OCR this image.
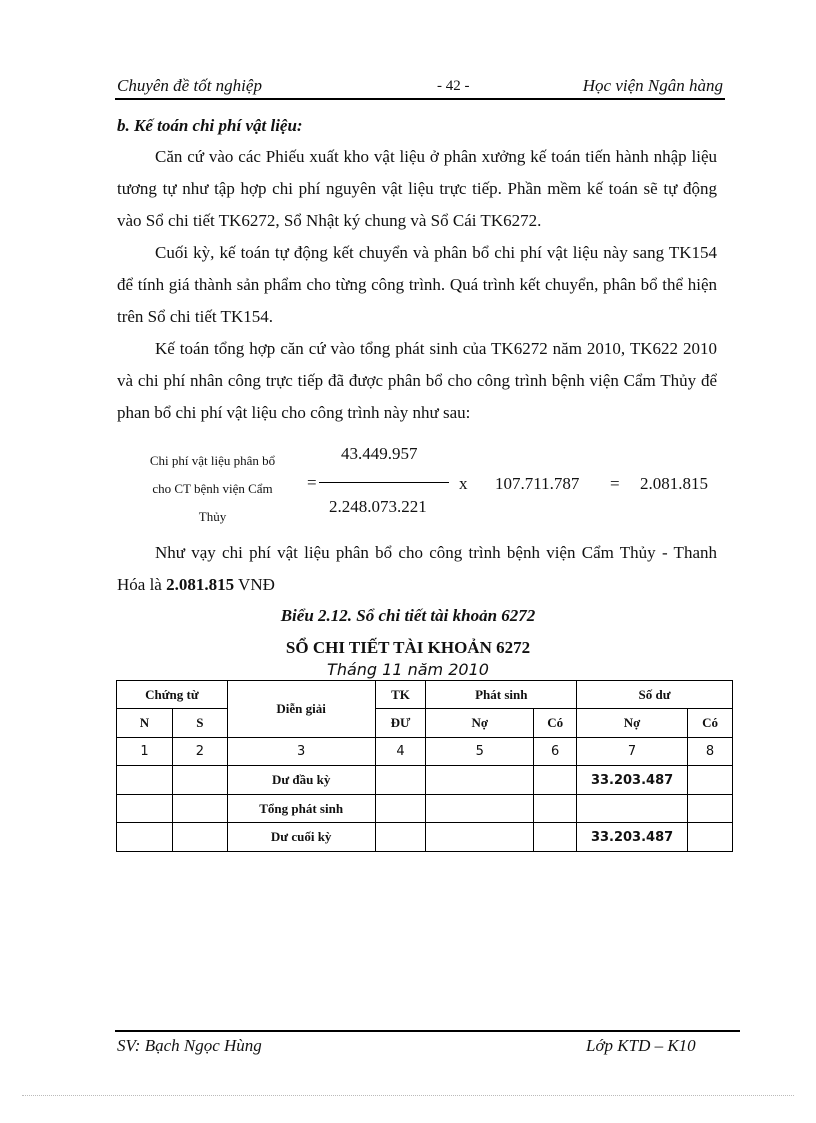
Chuyên đề tốt nghiệp	- 42 -	Học viện Ngân hàng
b. Kế toán chi phí vật liệu:
Căn cứ vào các Phiếu xuất kho vật liệu ở phân xưởng kế toán tiến hành nhập liệu tương tự như tập hợp chi phí nguyên vật liệu trực tiếp. Phần mềm kế toán sẽ tự động vào Sổ chi tiết TK6272, Sổ Nhật ký chung và Sổ Cái TK6272.
Cuối kỳ, kế toán tự động kết chuyển và phân bổ chi phí vật liệu này sang TK154 để tính giá thành sản phẩm cho từng công trình. Quá trình kết chuyển, phân bổ thể hiện trên Sổ chi tiết TK154.
Kế toán tổng hợp căn cứ vào tổng phát sinh của TK6272 năm 2010, TK622 2010 và chi phí nhân công trực tiếp đã được phân bổ cho công trình bệnh viện Cẩm Thủy để phan bổ chi phí vật liệu cho công trình này như sau:
Chi phí vật liệu phân bổ
cho CT bệnh viện Cẩm
Thủy
=
43.449.957
2.248.073.221
x 107.711.787 = 2.081.815
Như vạy chi phí vật liệu phân bổ cho công trình bệnh viện Cẩm Thủy - Thanh Hóa là 2.081.815 VNĐ
Biểu 2.12. Sổ chi tiết tài khoản 6272
SỔ CHI TIẾT TÀI KHOẢN 6272
Tháng 11 năm 2010
Chứng từ		Diễn giải	TK	Phát sinh		Số dư	
N	S		ĐƯ	Nợ	Có	Nợ	Có
1	2	3	4	5	6	7	8
		Dư đầu kỳ				33.203.487	
		Tổng phát sinh					
		Dư cuối kỳ				33.203.487	
SV: Bạch Ngọc Hùng	Lớp KTD – K10
